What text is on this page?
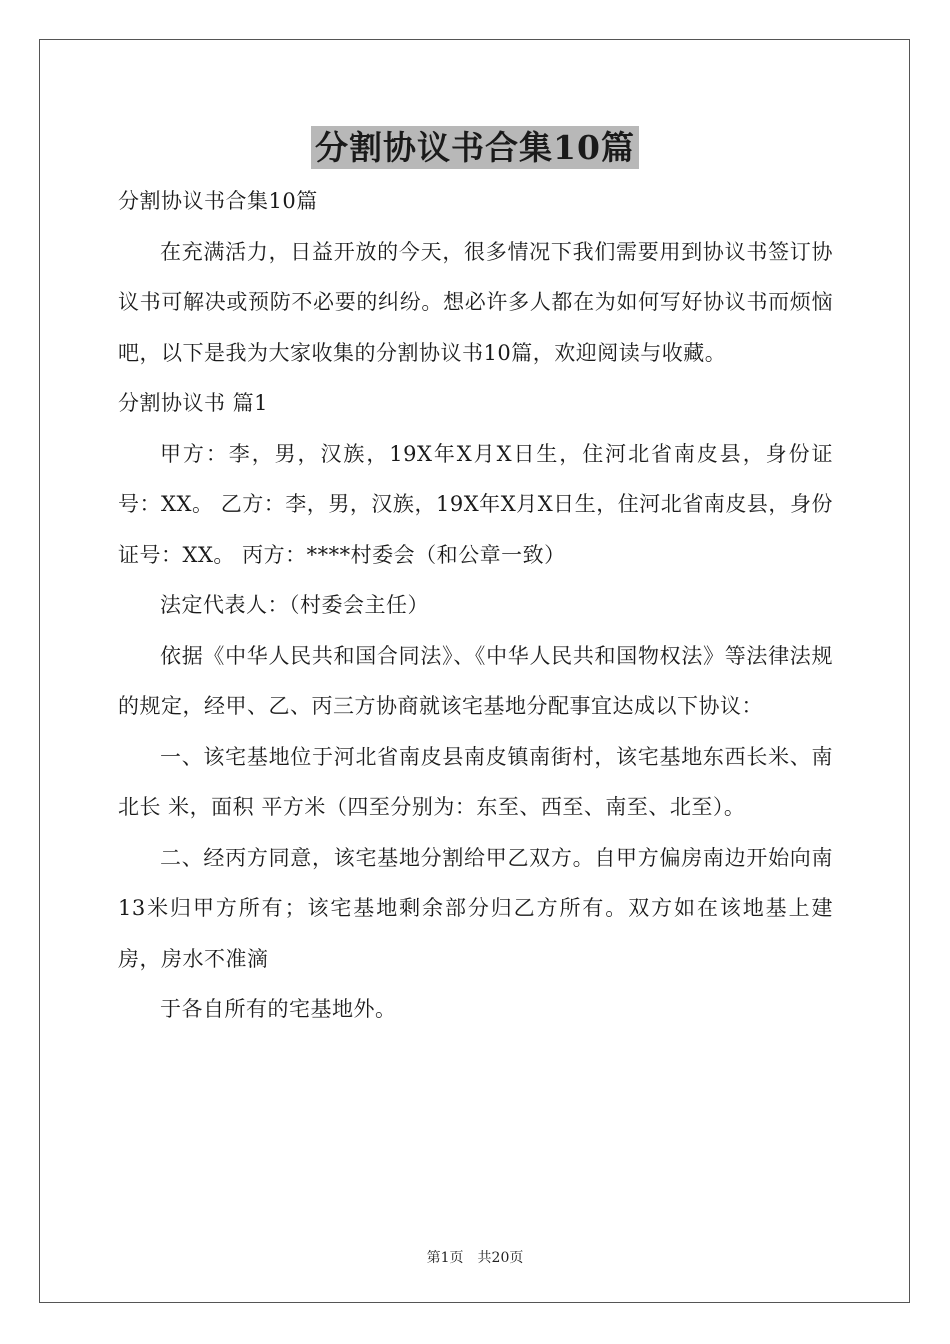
分割协议书合集10篇

分割协议书合集10篇

在充满活力，日益开放的今天，很多情况下我们需要用到协议书签订协议书可解决或预防不必要的纠纷。想必许多人都在为如何写好协议书而烦恼吧，以下是我为大家收集的分割协议书10篇，欢迎阅读与收藏。

分割协议书 篇1

甲方：李，男，汉族，19X年X月X日生，住河北省南皮县，身份证号：XX。 乙方：李，男，汉族，19X年X月X日生，住河北省南皮县，身份证号：XX。 丙方：****村委会（和公章一致）

法定代表人：（村委会主任）

依据《中华人民共和国合同法》、《中华人民共和国物权法》等法律法规的规定，经甲、乙、丙三方协商就该宅基地分配事宜达成以下协议：

一、该宅基地位于河北省南皮县南皮镇南街村，该宅基地东西长米、南北长 米，面积 平方米（四至分别为：东至、西至、南至、北至）。

二、经丙方同意，该宅基地分割给甲乙双方。自甲方偏房南边开始向南13米归甲方所有；该宅基地剩余部分归乙方所有。双方如在该地基上建房，房水不准滴

于各自所有的宅基地外。

第1页　共20页
